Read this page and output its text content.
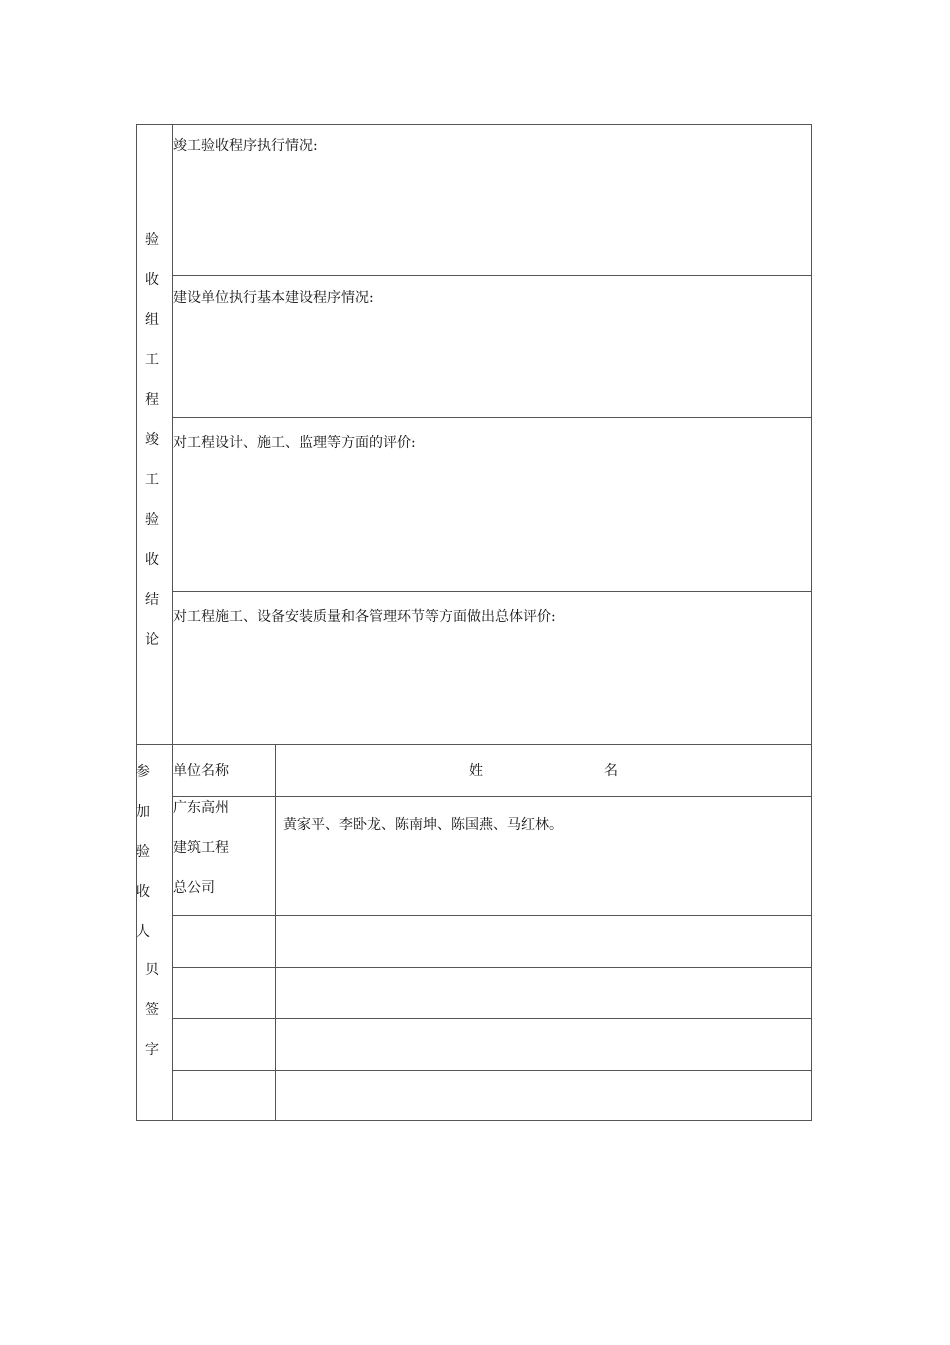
验
收
组
工
程
竣
工
验
收
结
论
竣工验收程序执行情况:
建设单位执行基本建设程序情况:
对工程设计、施工、监理等方面的评价:
对工程施工、设备安装质量和各管理环节等方面做出总体评价:
参
加
验
收
人
贝
签
字
单位名称	姓	名
广东高州
建筑工程
总公司
黄家平、李卧龙、陈南坤、陈国燕、马红林。
